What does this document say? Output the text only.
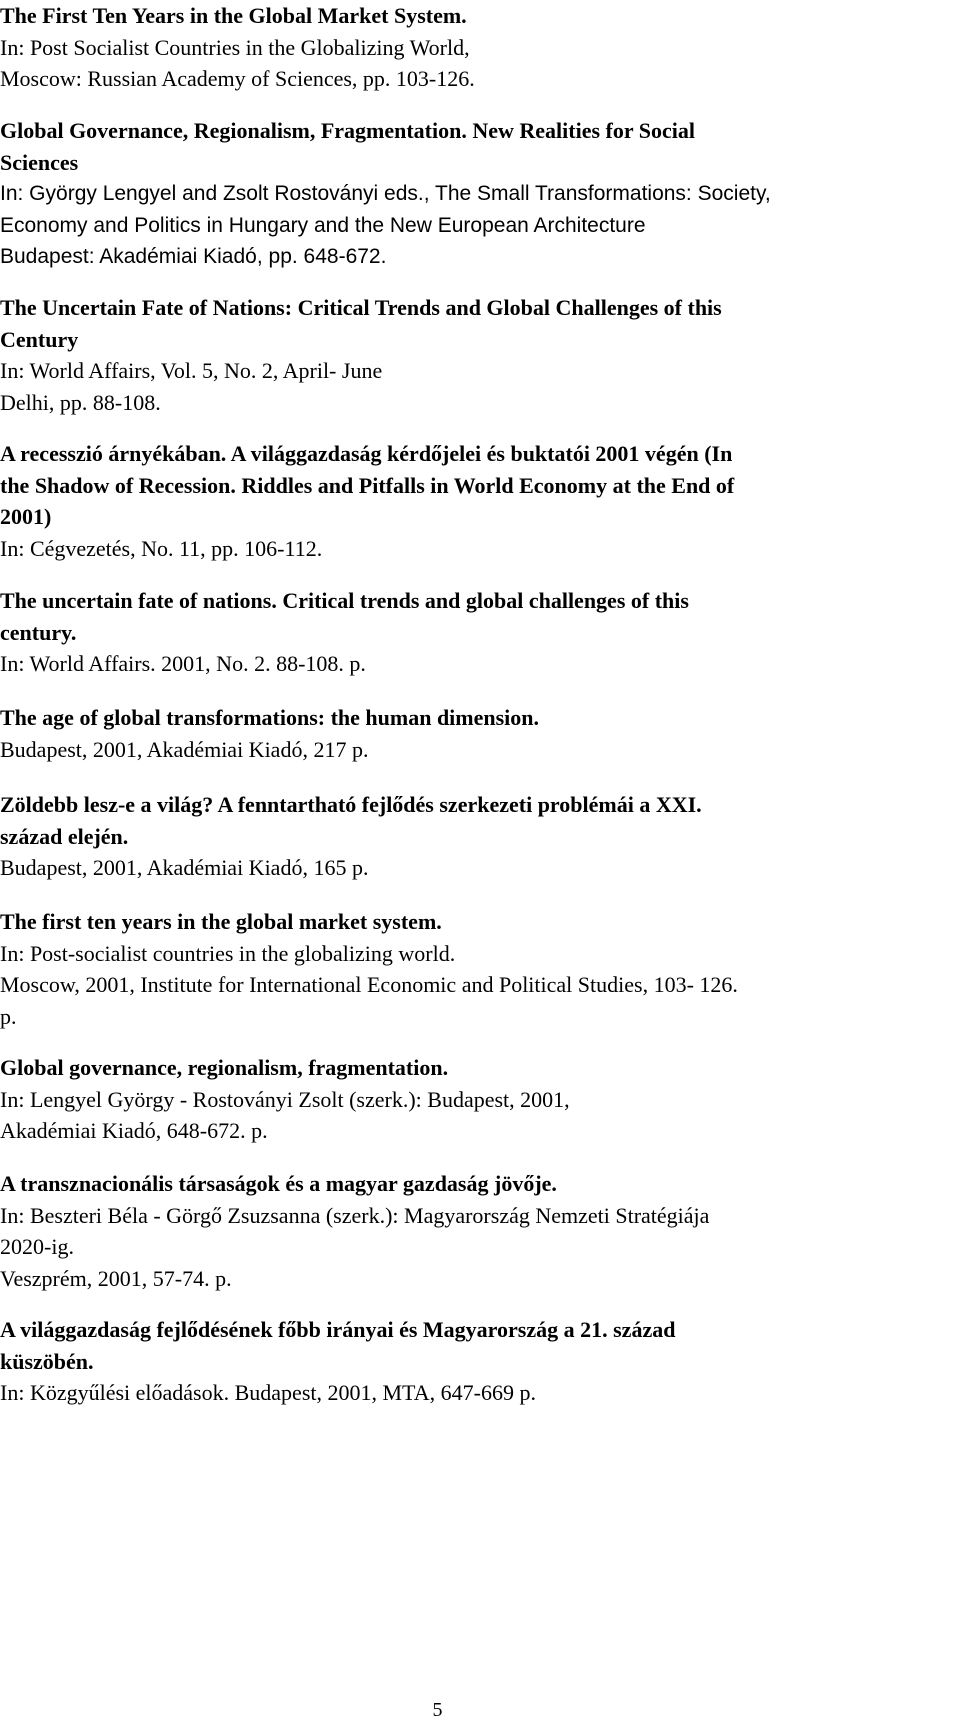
The First Ten Years in the Global Market System.
In: Post Socialist Countries in the Globalizing World,
Moscow: Russian Academy of Sciences, pp. 103-126.
Global Governance, Regionalism, Fragmentation. New Realities for Social
Sciences
In: György Lengyel and Zsolt Rostoványi eds., The Small Transformations: Society,
Economy and Politics in Hungary and the New European Architecture
Budapest: Akadémiai Kiadó, pp. 648-672.
The Uncertain Fate of Nations: Critical Trends and Global Challenges of this
Century
In: World Affairs, Vol. 5, No. 2, April- June
Delhi, pp. 88-108.
A recesszió árnyékában. A világgazdaság kérdőjelei és buktatói 2001 végén (In
the Shadow of Recession. Riddles and Pitfalls in World Economy at the End of
2001)
In: Cégvezetés, No. 11, pp. 106-112.
The uncertain fate of nations. Critical trends and global challenges of this
century.
In: World Affairs. 2001, No. 2. 88-108. p.
The age of global transformations: the human dimension.
Budapest, 2001, Akadémiai Kiadó, 217 p.
Zöldebb lesz-e a világ? A fenntartható fejlődés szerkezeti problémái a XXI.
század elején.
Budapest, 2001, Akadémiai Kiadó, 165 p.
The first ten years in the global market system.
In: Post-socialist countries in the globalizing world.
Moscow, 2001, Institute for International Economic and Political Studies, 103- 126.
p.
Global governance, regionalism, fragmentation.
In: Lengyel György - Rostoványi Zsolt (szerk.): Budapest, 2001,
Akadémiai Kiadó, 648-672. p.
A transznacionális társaságok és a magyar gazdaság jövője.
In: Beszteri Béla - Görgő Zsuzsanna (szerk.): Magyarország Nemzeti Stratégiája
2020-ig.
Veszprém, 2001, 57-74. p.
A világgazdaság fejlődésének főbb irányai és Magyarország a 21. század
küszöbén.
In: Közgyűlési előadások. Budapest, 2001, MTA, 647-669 p.
5
